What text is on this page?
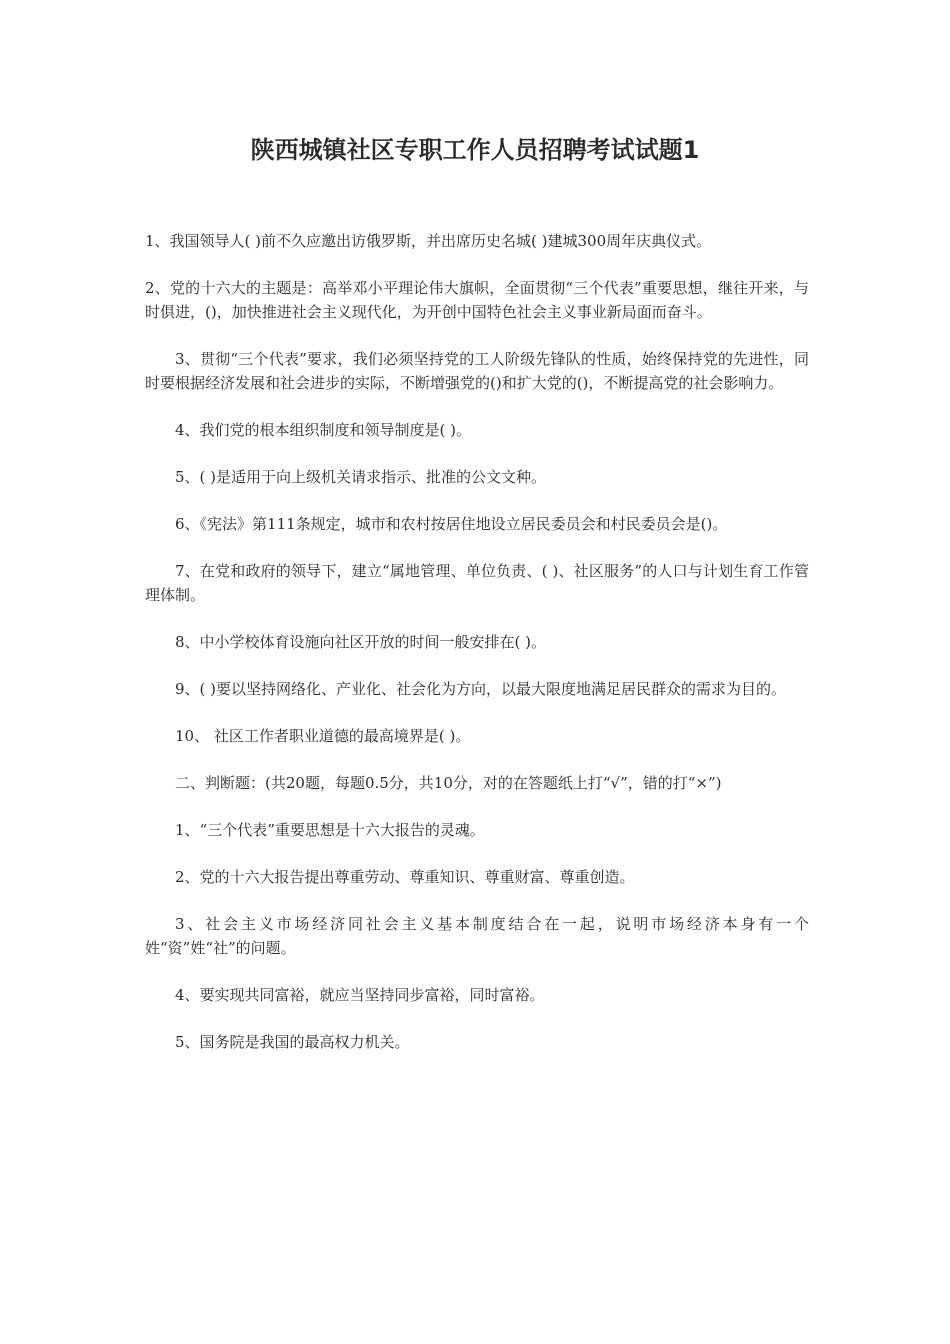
陕西城镇社区专职工作人员招聘考试试题1

1、我国领导人( )前不久应邀出访俄罗斯，并出席历史名城( )建城300周年庆典仪式。

2、党的十六大的主题是：高举邓小平理论伟大旗帜，全面贯彻“三个代表”重要思想，继往开来，与时俱进，()，加快推进社会主义现代化，为开创中国特色社会主义事业新局面而奋斗。

3、贯彻“三个代表”要求，我们必须坚持党的工人阶级先锋队的性质，始终保持党的先进性，同时要根据经济发展和社会进步的实际，不断增强党的()和扩大党的()，不断提高党的社会影响力。

4、我们党的根本组织制度和领导制度是( )。

5、( )是适用于向上级机关请求指示、批准的公文文种。

6、《宪法》第111条规定，城市和农村按居住地设立居民委员会和村民委员会是()。

7、在党和政府的领导下，建立“属地管理、单位负责、( )、社区服务”的人口与计划生育工作管理体制。

8、中小学校体育设施向社区开放的时间一般安排在( )。

9、( )要以坚持网络化、产业化、社会化为方向，以最大限度地满足居民群众的需求为目的。

10、 社区工作者职业道德的最高境界是( )。

二、判断题：(共20题，每题0.5分，共10分，对的在答题纸上打“√”，错的打“×”)

1、“三个代表”重要思想是十六大报告的灵魂。

2、党的十六大报告提出尊重劳动、尊重知识、尊重财富、尊重创造。

3、社会主义市场经济同社会主义基本制度结合在一起，说明市场经济本身有一个姓“资”姓“社”的问题。

4、要实现共同富裕，就应当坚持同步富裕，同时富裕。

5、国务院是我国的最高权力机关。
